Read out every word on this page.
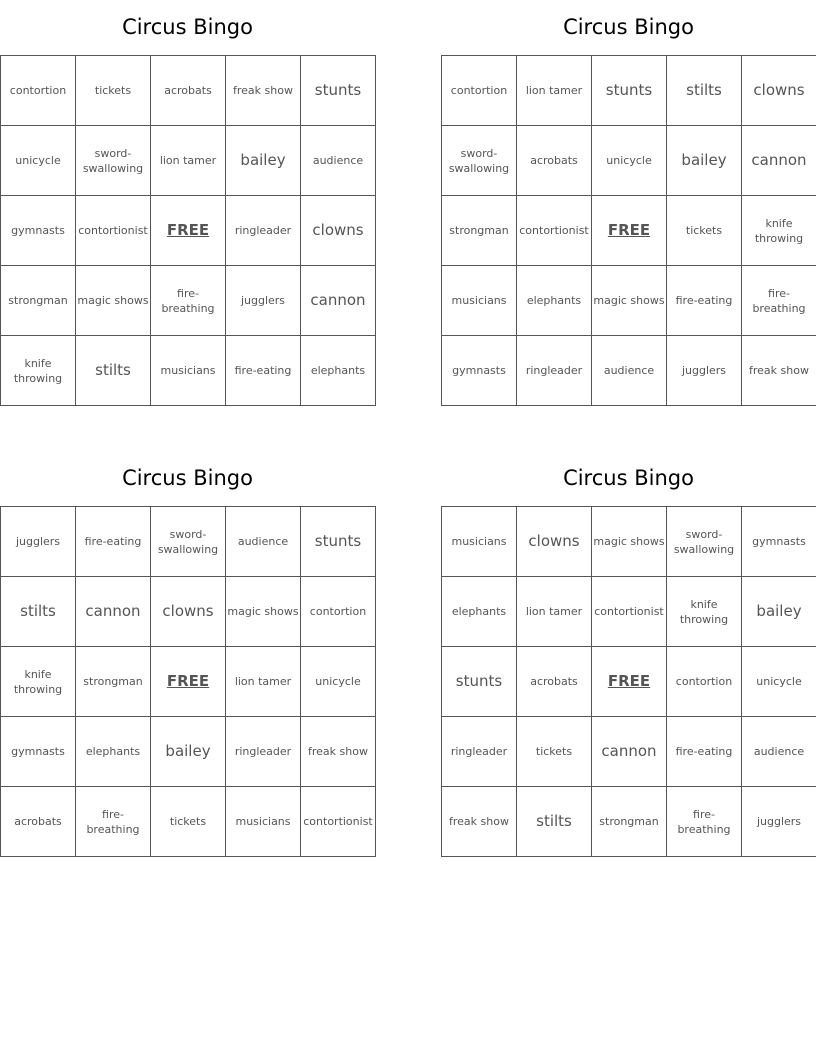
Circus Bingo
contortion	tickets	acrobats	freak show	stunts
unicycle	sword-swallowing	lion tamer	bailey	audience
gymnasts	contortionist	FREE	ringleader	clowns
strongman	magic shows	fire-breathing	jugglers	cannon
knife throwing	stilts	musicians	fire-eating	elephants
Circus Bingo
contortion	lion tamer	stunts	stilts	clowns
sword-swallowing	acrobats	unicycle	bailey	cannon
strongman	contortionist	FREE	tickets	knife throwing
musicians	elephants	magic shows	fire-eating	fire-breathing
gymnasts	ringleader	audience	jugglers	freak show
Circus Bingo
jugglers	fire-eating	sword-swallowing	audience	stunts
stilts	cannon	clowns	magic shows	contortion
knife throwing	strongman	FREE	lion tamer	unicycle
gymnasts	elephants	bailey	ringleader	freak show
acrobats	fire-breathing	tickets	musicians	contortionist
Circus Bingo
musicians	clowns	magic shows	sword-swallowing	gymnasts
elephants	lion tamer	contortionist	knife throwing	bailey
stunts	acrobats	FREE	contortion	unicycle
ringleader	tickets	cannon	fire-eating	audience
freak show	stilts	strongman	fire-breathing	jugglers
